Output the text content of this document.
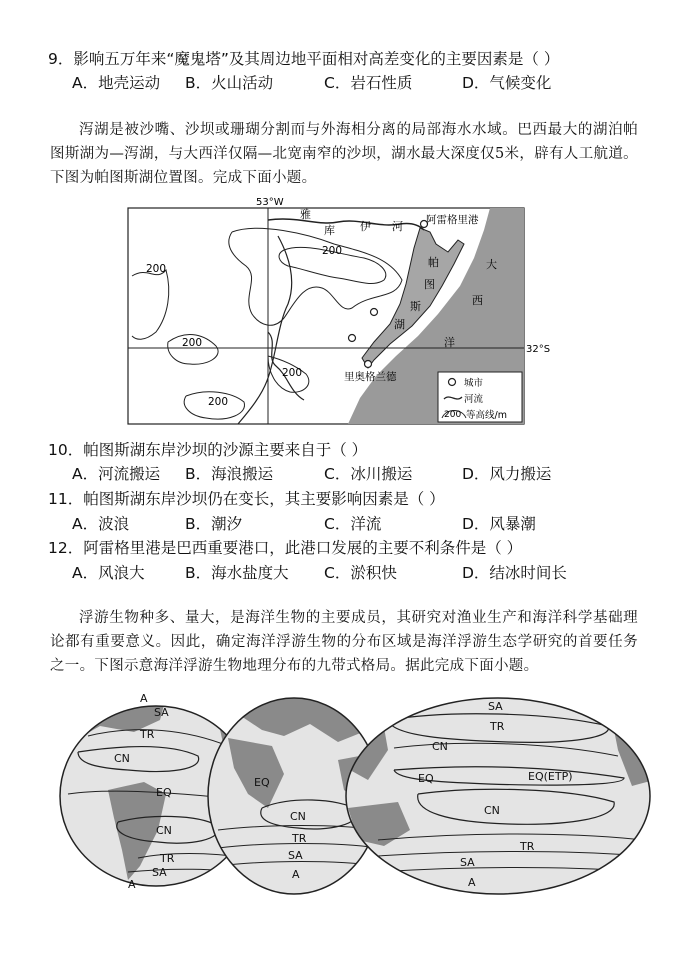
9．影响五万年来“魔鬼塔”及其周边地平面相对高差变化的主要因素是（ ）
A．地壳运动 B．火山活动	C．岩石性质	D．气候变化
泻湖是被沙嘴、沙坝或珊瑚分割而与外海相分离的局部海水水域。巴西最大的湖泊帕图斯湖为—泻湖，与大西洋仅隔—北宽南窄的沙坝，湖水最大深度仅5米，辟有人工航道。下图为帕图斯湖位置图。完成下面小题。
200
200
200
200
200
53°W
32°S
雅
库 伊 河 阿雷格里港
里奥格兰德
帕
图
斯
湖
大
西
洋
城市
河流
200 等高线/m
10．帕图斯湖东岸沙坝的沙源主要来自于（ ）
A．河流搬运 B．海浪搬运	C．冰川搬运	D．风力搬运
11．帕图斯湖东岸沙坝仍在变长，其主要影响因素是（ ）
A．波浪	B．潮汐	C．洋流	D．风暴潮
12．阿雷格里港是巴西重要港口，此港口发展的主要不利条件是（ ）
A．风浪大	B．海水盐度大 C．淤积快	D．结冰时间长
浮游生物种多、量大，是海洋生物的主要成员，其研究对渔业生产和海洋科学基础理论都有重要意义。因此，确定海洋浮游生物的分布区域是海洋浮游生态学研究的首要任务之一。下图示意海洋浮游生物地理分布的九带式格局。据此完成下面小题。
A
SA
TR
CN
EQ
CN
TR
SA
A
EQ
CN
TR
SA
A
SA
TR
CN
EQ	EQ(ETP)
CN
TR
SA
A
